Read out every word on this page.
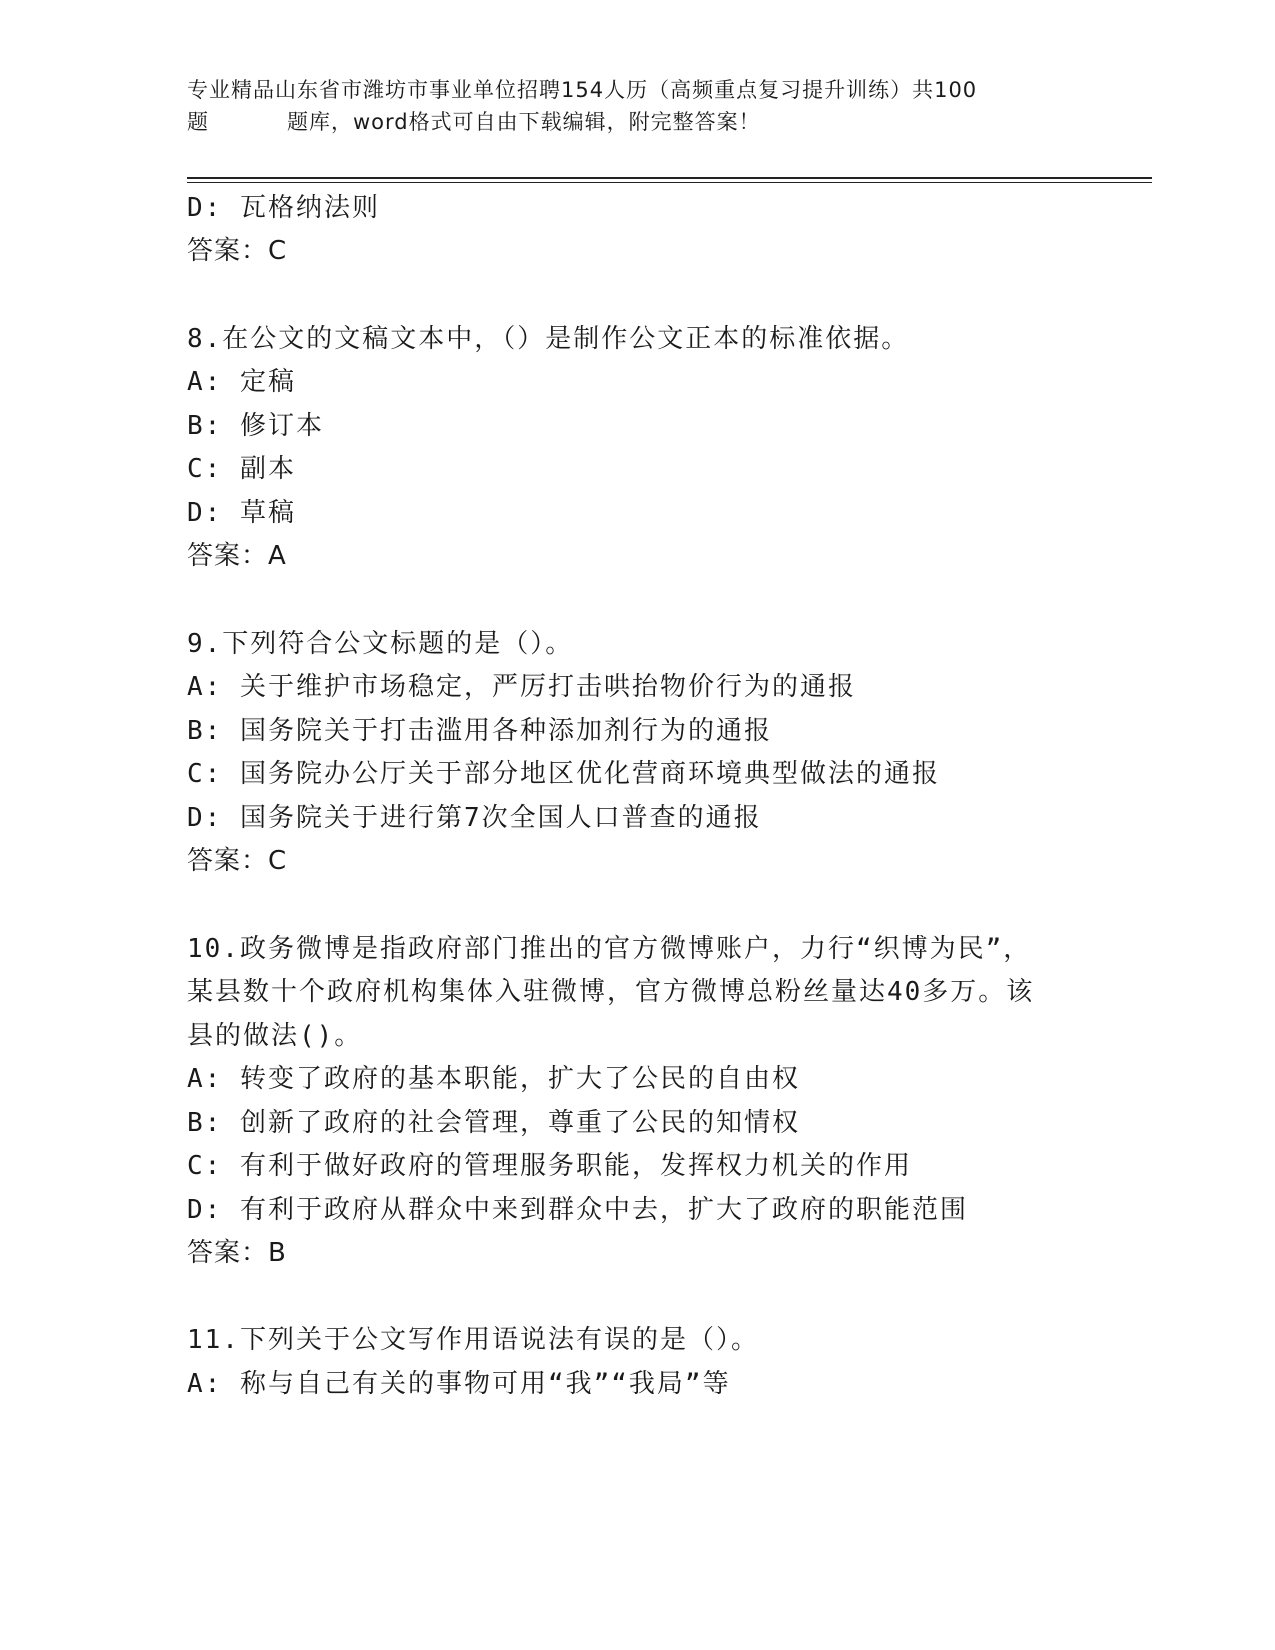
专业精品山东省市潍坊市事业单位招聘154人历（高频重点复习提升训练）共100
题	题库，word格式可自由下载编辑，附完整答案！
D: 瓦格纳法则
答案：C
8.在公文的文稿文本中，（）是制作公文正本的标准依据。
A: 定稿
B: 修订本
C: 副本
D: 草稿
答案：A
9.下列符合公文标题的是（）。
A: 关于维护市场稳定，严厉打击哄抬物价行为的通报
B: 国务院关于打击滥用各种添加剂行为的通报
C: 国务院办公厅关于部分地区优化营商环境典型做法的通报
D: 国务院关于进行第7次全国人口普查的通报
答案：C
10.政务微博是指政府部门推出的官方微博账户，力行“织博为民”，
某县数十个政府机构集体入驻微博，官方微博总粉丝量达40多万。该
县的做法()。
A: 转变了政府的基本职能，扩大了公民的自由权
B: 创新了政府的社会管理，尊重了公民的知情权
C: 有利于做好政府的管理服务职能，发挥权力机关的作用
D: 有利于政府从群众中来到群众中去，扩大了政府的职能范围
答案：B
11.下列关于公文写作用语说法有误的是（）。
A: 称与自己有关的事物可用“我”“我局”等
